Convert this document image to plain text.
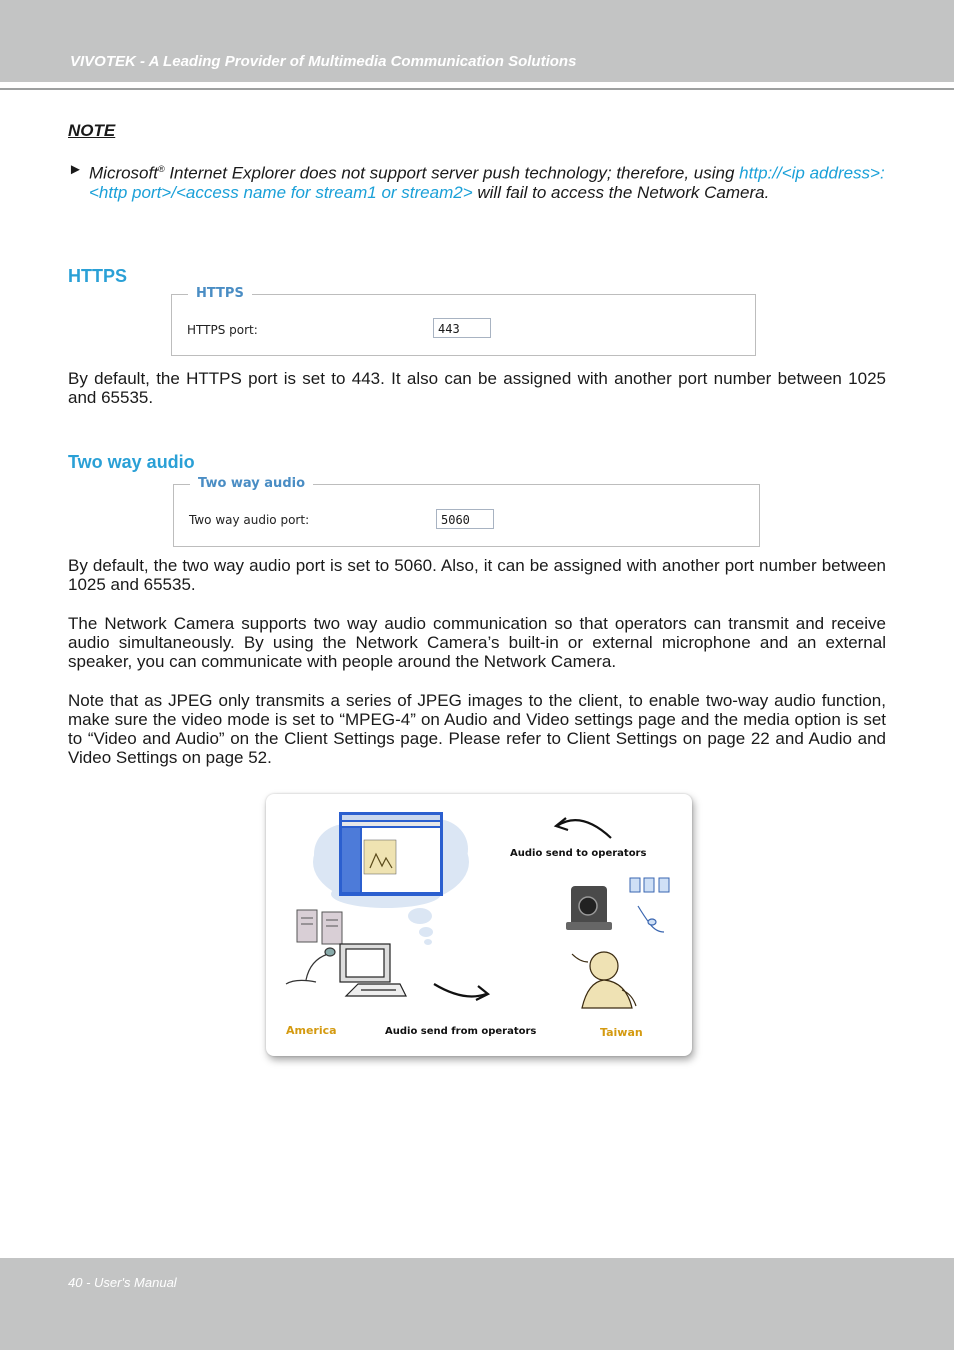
VIVOTEK - A Leading Provider of Multimedia Communication Solutions
NOTE
► Microsoft® Internet Explorer does not support server push technology; therefore, using http://<ip address>:<http port>/<access name for stream1 or stream2> will fail to access the Network Camera.
HTTPS
HTTPS
HTTPS port:	443
By default, the HTTPS port is set to 443. It also can be assigned with another port number between 1025 and 65535.
Two way audio
Two way audio
Two way audio port:	5060
By default, the two way audio port is set to 5060. Also, it can be assigned with another port number between 1025 and 65535.
The Network Camera supports two way audio communication so that operators can transmit and receive audio simultaneously. By using the Network Camera’s built-in or external microphone and an external speaker, you can communicate with people around the Network Camera.
Note that as JPEG only transmits a series of JPEG images to the client, to enable two-way audio function, make sure the video mode is set to “MPEG-4” on Audio and Video settings page and the media option is set to “Video and Audio” on the Client Settings page. Please refer to Client Settings on page 22 and Audio and Video Settings on page 52.
Audio send to operators
Audio send from operators
America	Taiwan
40 - User's Manual
